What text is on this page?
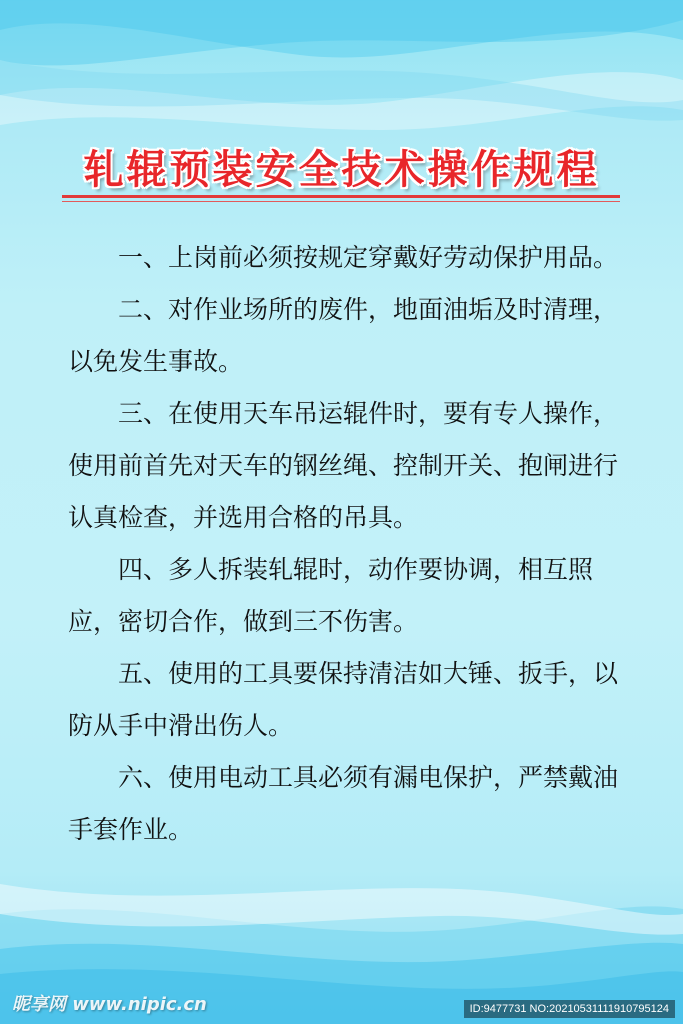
轧辊预装安全技术操作规程

一、上岗前必须按规定穿戴好劳动保护用品。

二、对作业场所的废件，地面油垢及时清理，以免发生事故。

三、在使用天车吊运辊件时，要有专人操作，使用前首先对天车的钢丝绳、控制开关、抱闸进行认真检查，并选用合格的吊具。

四、多人拆装轧辊时，动作要协调，相互照应，密切合作，做到三不伤害。

五、使用的工具要保持清洁如大锤、扳手，以防从手中滑出伤人。

六、使用电动工具必须有漏电保护，严禁戴油手套作业。

昵享网 www.nipic.cn	ID:9477731 NO:20210531111910795124
